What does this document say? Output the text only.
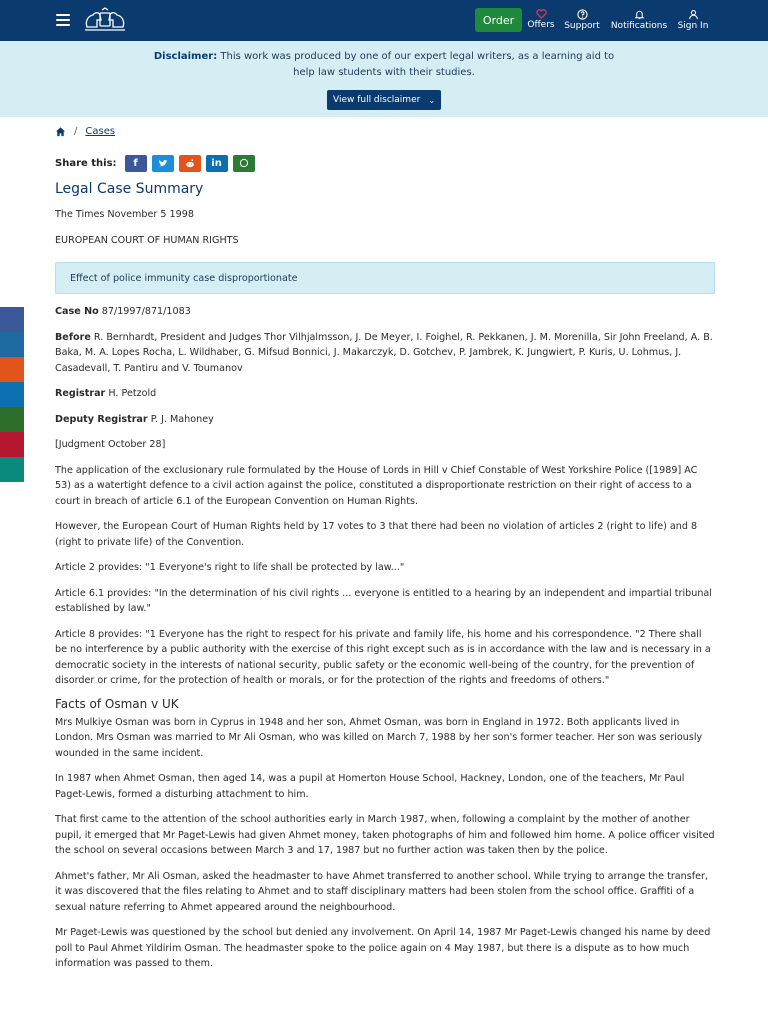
Order	Offers	Support	Notifications	Sign In
Disclaimer: This work was produced by one of our expert legal writers, as a learning aid to help law students with their studies.
View full disclaimer ⌄
/ Cases
Share this: f	in
Legal Case Summary

The Times November 5 1998

EUROPEAN COURT OF HUMAN RIGHTS

Effect of police immunity case disproportionate

Case No 87/1997/871/1083

Before R. Bernhardt, President and Judges Thor Vilhjalmsson, J. De Meyer, I. Foighel, R. Pekkanen, J. M. Morenilla, Sir John Freeland, A. B. Baka, M. A. Lopes Rocha, L. Wildhaber, G. Mifsud Bonnici, J. Makarczyk, D. Gotchev, P. Jambrek, K. Jungwiert, P. Kuris, U. Lohmus, J. Casadevall, T. Pantiru and V. Toumanov

Registrar H. Petzold

Deputy Registrar P. J. Mahoney

[Judgment October 28]

The application of the exclusionary rule formulated by the House of Lords in Hill v Chief Constable of West Yorkshire Police ([1989] AC 53) as a watertight defence to a civil action against the police, constituted a disproportionate restriction on their right of access to a court in breach of article 6.1 of the European Convention on Human Rights.

However, the European Court of Human Rights held by 17 votes to 3 that there had been no violation of articles 2 (right to life) and 8 (right to private life) of the Convention.

Article 2 provides: "1 Everyone's right to life shall be protected by law..."

Article 6.1 provides: "In the determination of his civil rights ... everyone is entitled to a hearing by an independent and impartial tribunal established by law."

Article 8 provides: "1 Everyone has the right to respect for his private and family life, his home and his correspondence. "2 There shall be no interference by a public authority with the exercise of this right except such as is in accordance with the law and is necessary in a democratic society in the interests of national security, public safety or the economic well-being of the country, for the prevention of disorder or crime, for the protection of health or morals, or for the protection of the rights and freedoms of others."

Facts of Osman v UK

Mrs Mulkiye Osman was born in Cyprus in 1948 and her son, Ahmet Osman, was born in England in 1972. Both applicants lived in London. Mrs Osman was married to Mr Ali Osman, who was killed on March 7, 1988 by her son's former teacher. Her son was seriously wounded in the same incident.

In 1987 when Ahmet Osman, then aged 14, was a pupil at Homerton House School, Hackney, London, one of the teachers, Mr Paul Paget-Lewis, formed a disturbing attachment to him.

That first came to the attention of the school authorities early in March 1987, when, following a complaint by the mother of another pupil, it emerged that Mr Paget-Lewis had given Ahmet money, taken photographs of him and followed him home. A police officer visited the school on several occasions between March 3 and 17, 1987 but no further action was taken then by the police.

Ahmet's father, Mr Ali Osman, asked the headmaster to have Ahmet transferred to another school. While trying to arrange the transfer, it was discovered that the files relating to Ahmet and to staff disciplinary matters had been stolen from the school office. Graffiti of a sexual nature referring to Ahmet appeared around the neighbourhood.

Mr Paget-Lewis was questioned by the school but denied any involvement. On April 14, 1987 Mr Paget-Lewis changed his name by deed poll to Paul Ahmet Yildirim Osman. The headmaster spoke to the police again on 4 May 1987, but there is a dispute as to how much information was passed to them.
